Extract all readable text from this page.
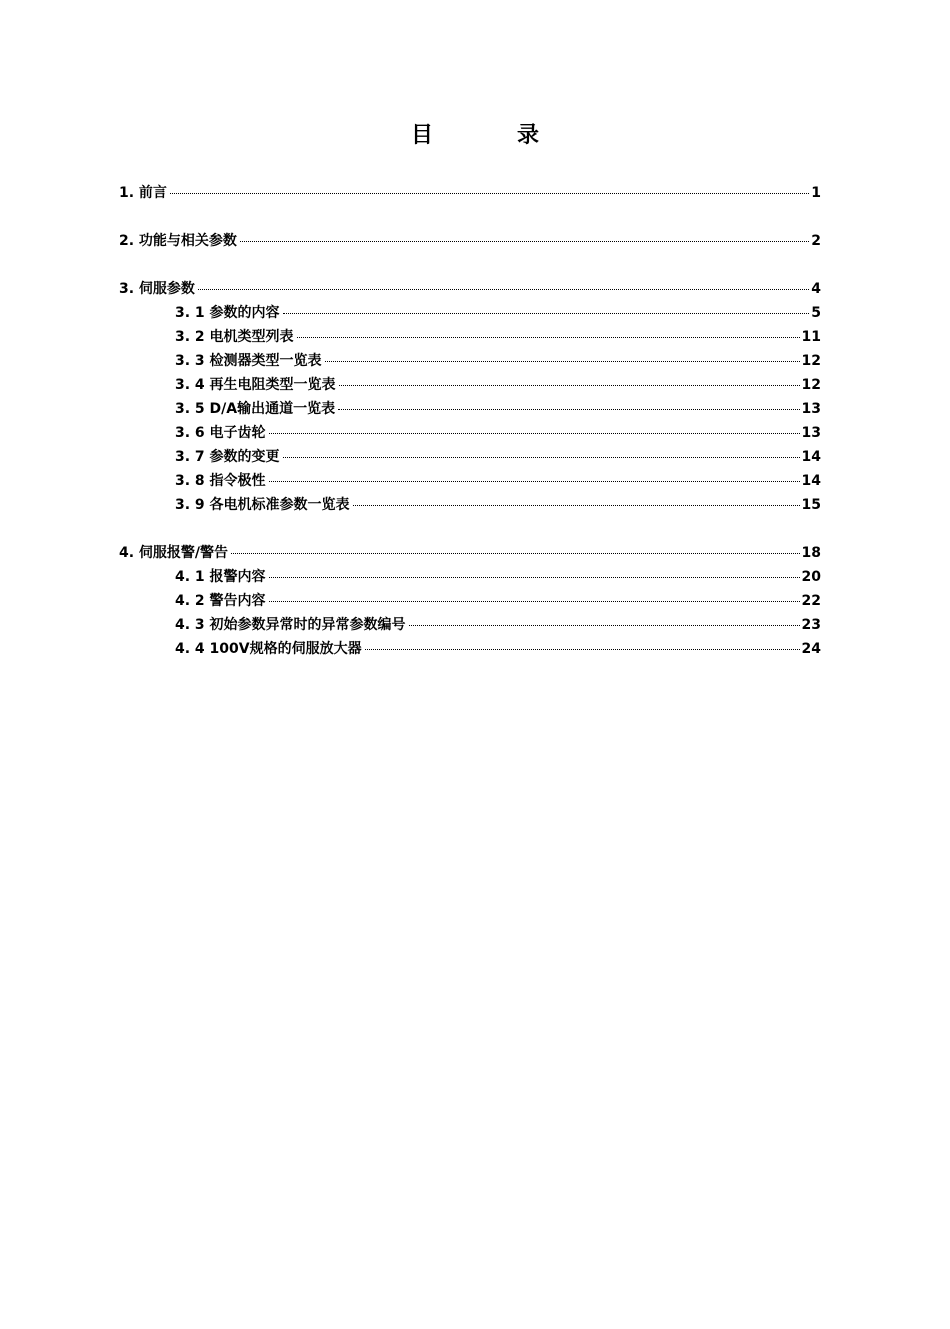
目	录
1. 前言	1
2. 功能与相关参数	2
3. 伺服参数	4
3. 1 参数的内容	5
3. 2 电机类型列表	11
3. 3 检测器类型一览表	12
3. 4 再生电阻类型一览表	12
3. 5 D/A输出通道一览表	13
3. 6 电子齿轮	13
3. 7 参数的变更	14
3. 8 指令极性	14
3. 9 各电机标准参数一览表	15
4. 伺服报警/警告	18
4. 1 报警内容	20
4. 2 警告内容	22
4. 3 初始参数异常时的异常参数编号	23
4. 4 100V规格的伺服放大器	24
